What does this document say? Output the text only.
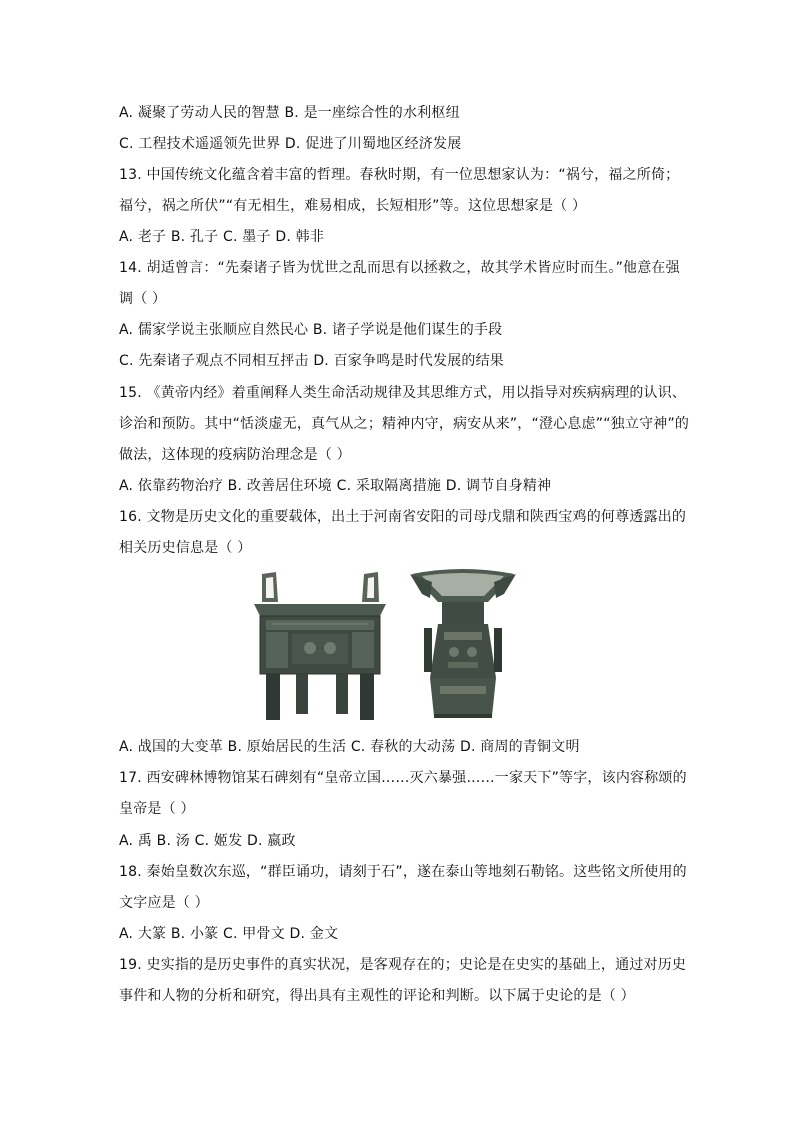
A. 凝聚了劳动人民的智慧 B. 是一座综合性的水利枢纽
C. 工程技术遥遥领先世界 D. 促进了川蜀地区经济发展
13. 中国传统文化蕴含着丰富的哲理。春秋时期，有一位思想家认为：“祸兮，福之所倚；
福兮，祸之所伏”“有无相生，难易相成，长短相形”等。这位思想家是（ ）
A. 老子 B. 孔子 C. 墨子 D. 韩非
14. 胡适曾言：“先秦诸子皆为忧世之乱而思有以拯救之，故其学术皆应时而生。”他意在强
调（ ）
A. 儒家学说主张顺应自然民心 B. 诸子学说是他们谋生的手段
C. 先秦诸子观点不同相互抨击 D. 百家争鸣是时代发展的结果
15. 《黄帝内经》着重阐释人类生命活动规律及其思维方式，用以指导对疾病病理的认识、
诊治和预防。其中“恬淡虚无，真气从之；精神内守，病安从来”，“澄心息虑”“独立守神”的
做法，这体现的疫病防治理念是（ ）
A. 依靠药物治疗 B. 改善居住环境 C. 采取隔离措施 D. 调节自身精神
16. 文物是历史文化的重要载体，出土于河南省安阳的司母戊鼎和陕西宝鸡的何尊透露出的
相关历史信息是（ ）
A. 战国的大变革 B. 原始居民的生活 C. 春秋的大动荡 D. 商周的青铜文明
17. 西安碑林博物馆某石碑刻有“皇帝立国……灭六暴强……一家天下”等字，该内容称颂的
皇帝是（ ）
A. 禹 B. 汤 C. 姬发 D. 嬴政
18. 秦始皇数次东巡，“群臣诵功，请刻于石”，遂在泰山等地刻石勒铭。这些铭文所使用的
文字应是（ ）
A. 大篆 B. 小篆 C. 甲骨文 D. 金文
19. 史实指的是历史事件的真实状况，是客观存在的；史论是在史实的基础上，通过对历史
事件和人物的分析和研究，得出具有主观性的评论和判断。以下属于史论的是（ ）
